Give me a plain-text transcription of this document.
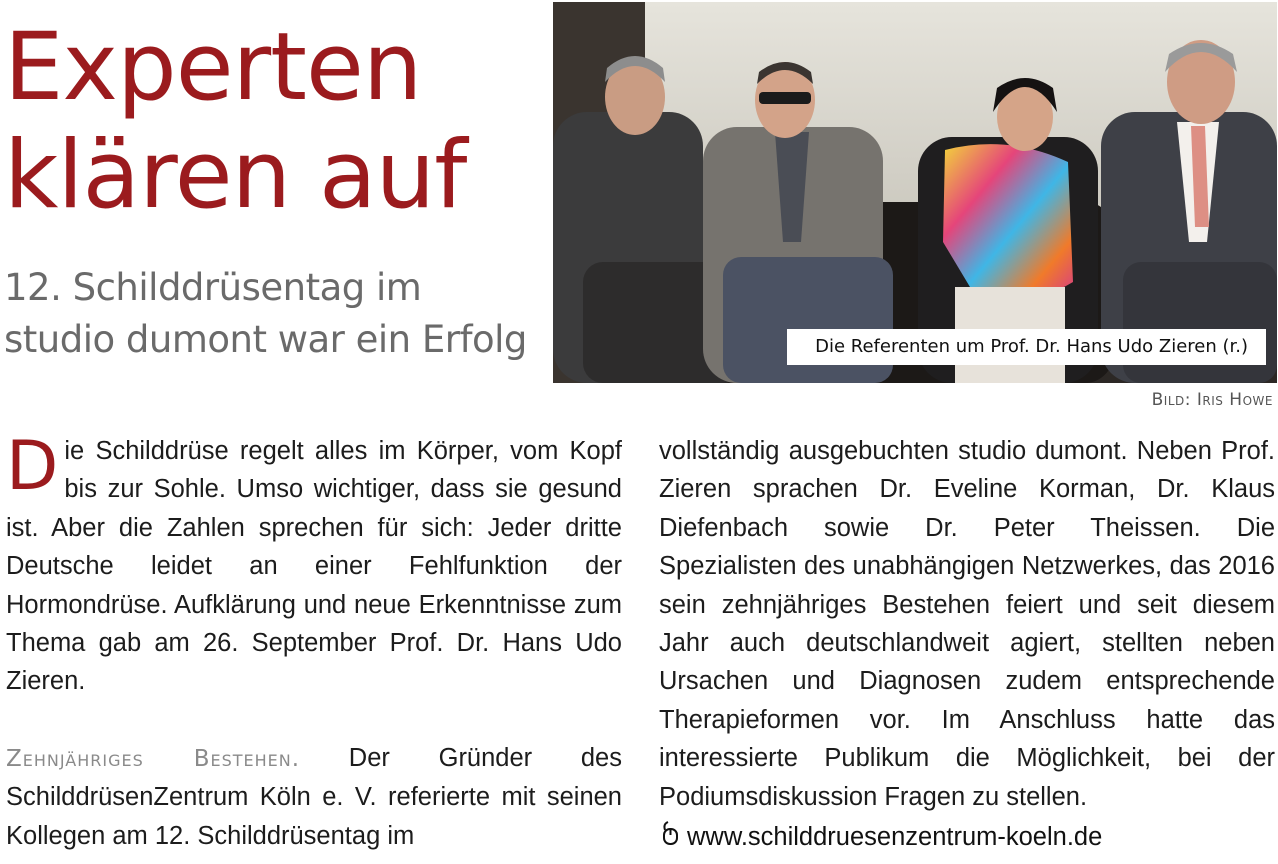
Experten
klären auf
12. Schilddrüsentag im
studio dumont war ein Erfolg	Die Referenten um Prof. Dr. Hans Udo Zieren (r.)
Bild: Iris Howe

Die Schilddrüse regelt alles im Körper, vom Kopf bis zur Sohle. Umso wichtiger, dass sie gesund ist. Aber die Zahlen sprechen für sich: Jeder dritte Deutsche leidet an einer Fehlfunktion der Hormondrüse. Aufklärung und neue Erkenntnisse zum Thema gab am 26. September Prof. Dr. Hans Udo Zieren.

Zehnjähriges Bestehen. Der Gründer des SchilddrüsenZentrum Köln e. V. referierte mit seinen Kollegen am 12. Schilddrüsentag im

vollständig ausgebuchten studio dumont. Neben Prof. Zieren sprachen Dr. Eveline Korman, Dr. Klaus Diefenbach sowie Dr. Peter Theissen. Die Spezialisten des unabhängigen Netzwerkes, das 2016 sein zehnjähriges Bestehen feiert und seit diesem Jahr auch deutschlandweit agiert, stellten neben Ursachen und Diagnosen zudem entsprechende Therapieformen vor. Im Anschluss hatte das interessierte Publikum die Möglichkeit, bei der Podiumsdiskussion Fragen zu stellen.

www.schilddruesenzentrum-koeln.de
